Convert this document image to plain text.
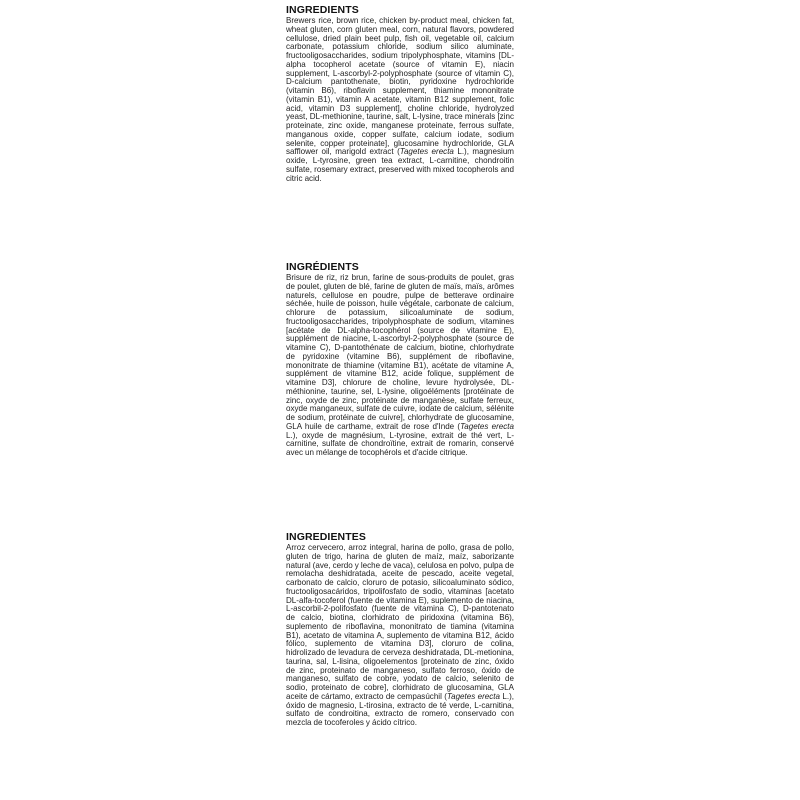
INGREDIENTS

Brewers rice, brown rice, chicken by-product meal, chicken fat, wheat gluten, corn gluten meal, corn, natural flavors, powdered cellulose, dried plain beet pulp, fish oil, vegetable oil, calcium carbonate, potassium chloride, sodium silico aluminate, fructooligosaccharides, sodium tripolyphosphate, vitamins [DL-alpha tocopherol acetate (source of vitamin E), niacin supplement, L-ascorbyl-2-polyphosphate (source of vitamin C), D-calcium pantothenate, biotin, pyridoxine hydrochloride (vitamin B6), riboflavin supplement, thiamine mononitrate (vitamin B1), vitamin A acetate, vitamin B12 supplement, folic acid, vitamin D3 supplement], choline chloride, hydrolyzed yeast, DL-methionine, taurine, salt, L-lysine, trace minerals [zinc proteinate, zinc oxide, manganese proteinate, ferrous sulfate, manganous oxide, copper sulfate, calcium iodate, sodium selenite, copper proteinate], glucosamine hydrochloride, GLA safflower oil, marigold extract (Tagetes erecta L.), magnesium oxide, L-tyrosine, green tea extract, L-carnitine, chondroitin sulfate, rosemary extract, preserved with mixed tocopherols and citric acid.

INGRÉDIENTS

Brisure de riz, riz brun, farine de sous-produits de poulet, gras de poulet, gluten de blé, farine de gluten de maïs, maïs, arômes naturels, cellulose en poudre, pulpe de betterave ordinaire séchée, huile de poisson, huile végétale, carbonate de calcium, chlorure de potassium, silicoaluminate de sodium, fructooligosaccharides, tripolyphosphate de sodium, vitamines [acétate de DL-alpha-tocophérol (source de vitamine E), supplément de niacine, L-ascorbyl-2-polyphosphate (source de vitamine C), D-pantothénate de calcium, biotine, chlorhydrate de pyridoxine (vitamine B6), supplément de riboflavine, mononitrate de thiamine (vitamine B1), acétate de vitamine A, supplément de vitamine B12, acide folique, supplément de vitamine D3], chlorure de choline, levure hydrolysée, DL-méthionine, taurine, sel, L-lysine, oligoéléments [protéinate de zinc, oxyde de zinc, protéinate de manganèse, sulfate ferreux, oxyde manganeux, sulfate de cuivre, iodate de calcium, sélénite de sodium, protéinate de cuivre], chlorhydrate de glucosamine, GLA huile de carthame, extrait de rose d'Inde (Tagetes erecta L.), oxyde de magnésium, L-tyrosine, extrait de thé vert, L-carnitine, sulfate de chondroïtine, extrait de romarin, conservé avec un mélange de tocophérols et d'acide citrique.

INGREDIENTES

Arroz cervecero, arroz integral, harina de pollo, grasa de pollo, gluten de trigo, harina de gluten de maíz, maíz, saborizante natural (ave, cerdo y leche de vaca), celulosa en polvo, pulpa de remolacha deshidratada, aceite de pescado, aceite vegetal, carbonato de calcio, cloruro de potasio, silicoaluminato sódico, fructooligosacáridos, tripolifosfato de sodio, vitaminas [acetato DL-alfa-tocoferol (fuente de vitamina E), suplemento de niacina, L-ascorbil-2-polifosfato (fuente de vitamina C), D-pantotenato de calcio, biotina, clorhidrato de piridoxina (vitamina B6), suplemento de riboflavina, mononitrato de tiamina (vitamina B1), acetato de vitamina A, suplemento de vitamina B12, ácido fólico, suplemento de vitamina D3], cloruro de colina, hidrolizado de levadura de cerveza deshidratada, DL-metionina, taurina, sal, L-lisina, oligoelementos [proteinato de zinc, óxido de zinc, proteinato de manganeso, sulfato ferroso, óxido de manganeso, sulfato de cobre, yodato de calcio, selenito de sodio, proteinato de cobre], clorhidrato de glucosamina, GLA aceite de cártamo, extracto de cempasúchil (Tagetes erecta L.), óxido de magnesio, L-tirosina, extracto de té verde, L-carnitina, sulfato de condroitina, extracto de romero, conservado con mezcla de tocoferoles y ácido cítrico.
